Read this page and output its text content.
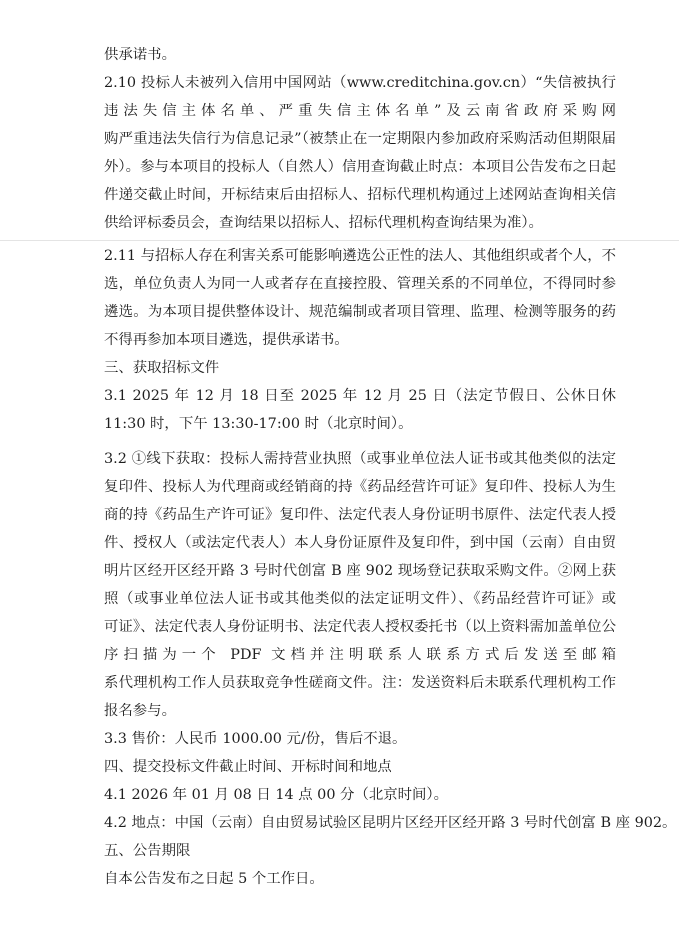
供承诺书。
2.10 投标人未被列入信用中国网站（www.creditchina.gov.cn）“失信被执行
违法失信主体名单、严重失信主体名单”及云南省政府采购网
购严重违法失信行为信息记录”（被禁止在一定期限内参加政府采购活动但期限届
外）。参与本项目的投标人（自然人）信用查询截止时点：本项目公告发布之日起
件递交截止时间，开标结束后由招标人、招标代理机构通过上述网站查询相关信
供给评标委员会，查询结果以招标人、招标代理机构查询结果为准）。
2.11 与招标人存在利害关系可能影响遴选公正性的法人、其他组织或者个人，不
选，单位负责人为同一人或者存在直接控股、管理关系的不同单位，不得同时参
遴选。为本项目提供整体设计、规范编制或者项目管理、监理、检测等服务的药
不得再参加本项目遴选，提供承诺书。
三、获取招标文件
3.1 2025 年 12 月 18 日至 2025 年 12 月 25 日（法定节假日、公休日休
11:30 时，下午 13:30-17:00 时（北京时间）。
3.2 ①线下获取：投标人需持营业执照（或事业单位法人证书或其他类似的法定
复印件、投标人为代理商或经销商的持《药品经营许可证》复印件、投标人为生
商的持《药品生产许可证》复印件、法定代表人身份证明书原件、法定代表人授
件、授权人（或法定代表人）本人身份证原件及复印件，到中国（云南）自由贸
明片区经开区经开路 3 号时代创富 B 座 902 现场登记获取采购文件。②网上获
照（或事业单位法人证书或其他类似的法定证明文件）、《药品经营许可证》或
可证》、法定代表人身份证明书、法定代表人授权委托书（以上资料需加盖单位公
序扫描为一个 PDF 文档并注明联系人联系方式后发送至邮箱
系代理机构工作人员获取竞争性磋商文件。注：发送资料后未联系代理机构工作
报名参与。
3.3 售价：人民币 1000.00 元/份，售后不退。
四、提交投标文件截止时间、开标时间和地点
4.1 2026 年 01 月 08 日 14 点 00 分（北京时间）。
4.2 地点：中国（云南）自由贸易试验区昆明片区经开区经开路 3 号时代创富 B 座 902。
五、公告期限
自本公告发布之日起 5 个工作日。
